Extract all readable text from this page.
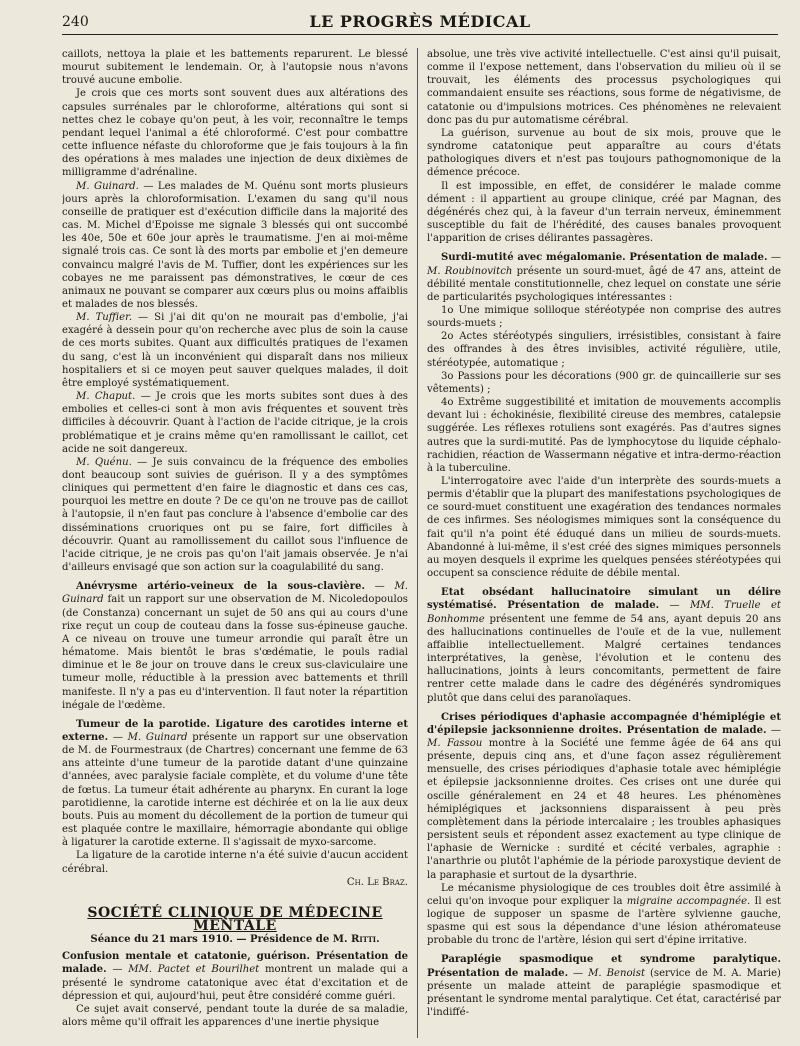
240	LE PROGRÈS MÉDICAL

caillots, nettoya la plaie et les battements reparurent. Le blessé mourut subitement le lendemain. Or, à l'autopsie nous n'avons trouvé aucune embolie.

Je crois que ces morts sont souvent dues aux altérations des capsules surrénales par le chloroforme, altérations qui sont si nettes chez le cobaye qu'on peut, à les voir, reconnaître le temps pendant lequel l'animal a été chloroformé. C'est pour combattre cette influence néfaste du chloroforme que je fais toujours à la fin des opérations à mes malades une injection de deux dixièmes de milligramme d'adrénaline.

M. Guinard. — Les malades de M. Quénu sont morts plusieurs jours après la chloroformisation. L'examen du sang qu'il nous conseille de pratiquer est d'exécution difficile dans la majorité des cas. M. Michel d'Epoisse me signale 3 blessés qui ont succombé les 40e, 50e et 60e jour après le traumatisme. J'en ai moi-même signalé trois cas. Ce sont là des morts par embolie et j'en demeure convaincu malgré l'avis de M. Tuffier, dont les expériences sur les cobayes ne me paraissent pas démonstratives, le cœur de ces animaux ne pouvant se comparer aux cœurs plus ou moins affaiblis et malades de nos blessés.

M. Tuffier. — Si j'ai dit qu'on ne mourait pas d'embolie, j'ai exagéré à dessein pour qu'on recherche avec plus de soin la cause de ces morts subites. Quant aux difficultés pratiques de l'examen du sang, c'est là un inconvénient qui disparaît dans nos milieux hospitaliers et si ce moyen peut sauver quelques malades, il doit être employé systématiquement.

M. Chaput. — Je crois que les morts subites sont dues à des embolies et celles-ci sont à mon avis fréquentes et souvent très difficiles à découvrir. Quant à l'action de l'acide citrique, je la crois problématique et je crains même qu'en ramollissant le caillot, cet acide ne soit dangereux.

M. Quénu. — Je suis convaincu de la fréquence des embolies dont beaucoup sont suivies de guérison. Il y a des symptômes cliniques qui permettent d'en faire le diagnostic et dans ces cas, pourquoi les mettre en doute ? De ce qu'on ne trouve pas de caillot à l'autopsie, il n'en faut pas conclure à l'absence d'embolie car des disséminations cruoriques ont pu se faire, fort difficiles à découvrir. Quant au ramollissement du caillot sous l'influence de l'acide citrique, je ne crois pas qu'on l'ait jamais observée. Je n'ai d'ailleurs envisagé que son action sur la coagulabilité du sang.

Anévrysme artério-veineux de la sous-clavière. — M. Guinard fait un rapport sur une observation de M. Nicoledopoulos (de Constanza) concernant un sujet de 50 ans qui au cours d'une rixe reçut un coup de couteau dans la fosse sus-épineuse gauche. A ce niveau on trouve une tumeur arrondie qui paraît être un hématome. Mais bientôt le bras s'œdématie, le pouls radial diminue et le 8e jour on trouve dans le creux sus-claviculaire une tumeur molle, réductible à la pression avec battements et thrill manifeste. Il n'y a pas eu d'intervention. Il faut noter la répartition inégale de l'œdème.

Tumeur de la parotide. Ligature des carotides interne et externe. — M. Guinard présente un rapport sur une observation de M. de Fourmestraux (de Chartres) concernant une femme de 63 ans atteinte d'une tumeur de la parotide datant d'une quinzaine d'années, avec paralysie faciale complète, et du volume d'une tête de fœtus. La tumeur était adhérente au pharynx. En curant la loge parotidienne, la carotide interne est déchirée et on la lie aux deux bouts. Puis au moment du décollement de la portion de tumeur qui est plaquée contre le maxillaire, hémorragie abondante qui oblige à ligaturer la carotide externe. Il s'agissait de myxo-sarcome.

La ligature de la carotide interne n'a été suivie d'aucun accident cérébral.

Ch. Le Braz.

SOCIÉTÉ CLINIQUE DE MÉDECINE MENTALE
Séance du 21 mars 1910. — Présidence de M. Ritti.

Confusion mentale et catatonie, guérison. Présentation de malade. — MM. Pactet et Bourilhet montrent un malade qui a présenté le syndrome catatonique avec état d'excitation et de dépression et qui, aujourd'hui, peut être considéré comme guéri.

Ce sujet avait conservé, pendant toute la durée de sa maladie, alors même qu'il offrait les apparences d'une inertie physique

absolue, une très vive activité intellectuelle. C'est ainsi qu'il puisait, comme il l'expose nettement, dans l'observation du milieu où il se trouvait, les éléments des processus psychologiques qui commandaient ensuite ses réactions, sous forme de négativisme, de catatonie ou d'impulsions motrices. Ces phénomènes ne relevaient donc pas du pur automatisme cérébral.

La guérison, survenue au bout de six mois, prouve que le syndrome catatonique peut apparaître au cours d'états pathologiques divers et n'est pas toujours pathognomonique de la démence précoce.

Il est impossible, en effet, de considérer le malade comme dément : il appartient au groupe clinique, créé par Magnan, des dégénérés chez qui, à la faveur d'un terrain nerveux, éminemment susceptible du fait de l'hérédité, des causes banales provoquent l'apparition de crises délirantes passagères.

Surdi-mutité avec mégalomanie. Présentation de malade. — M. Roubinovitch présente un sourd-muet, âgé de 47 ans, atteint de débilité mentale constitutionnelle, chez lequel on constate une série de particularités psychologiques intéressantes :

1o Une mimique soliloque stéréotypée non comprise des autres sourds-muets ;

2o Actes stéréotypés singuliers, irrésistibles, consistant à faire des offrandes à des êtres invisibles, activité régulière, utile, stéréotypée, automatique ;

3o Passions pour les décorations (900 gr. de quincaillerie sur ses vêtements) ;

4o Extrême suggestibilité et imitation de mouvements accomplis devant lui : échokinésie, flexibilité cireuse des membres, catalepsie suggérée. Les réflexes rotuliens sont exagérés. Pas d'autres signes autres que la surdi-mutité. Pas de lymphocytose du liquide céphalo-rachidien, réaction de Wassermann négative et intra-dermo-réaction à la tuberculine.

L'interrogatoire avec l'aide d'un interprète des sourds-muets a permis d'établir que la plupart des manifestations psychologiques de ce sourd-muet constituent une exagération des tendances normales de ces infirmes. Ses néologismes mimiques sont la conséquence du fait qu'il n'a point été éduqué dans un milieu de sourds-muets. Abandonné à lui-même, il s'est créé des signes mimiques personnels au moyen desquels il exprime les quelques pensées stéréotypées qui occupent sa conscience réduite de débile mental.

Etat obsédant hallucinatoire simulant un délire systématisé. Présentation de malade. — MM. Truelle et Bonhomme présentent une femme de 54 ans, ayant depuis 20 ans des hallucinations continuelles de l'ouïe et de la vue, nullement affaiblie intellectuellement. Malgré certaines tendances interprétatives, la genèse, l'évolution et le contenu des hallucinations, joints à leurs concomitants, permettent de faire rentrer cette malade dans le cadre des dégénérés syndromiques plutôt que dans celui des paranoïaques.

Crises périodiques d'aphasie accompagnée d'hémiplégie et d'épilepsie jacksonnienne droites. Présentation de malade. — M. Fassou montre à la Société une femme âgée de 64 ans qui présente, depuis cinq ans, et d'une façon assez régulièrement mensuelle, des crises périodiques d'aphasie totale avec hémiplégie et épilepsie jacksonnienne droites. Ces crises ont une durée qui oscille généralement en 24 et 48 heures. Les phénomènes hémiplégiques et jacksonniens disparaissent à peu près complètement dans la période intercalaire ; les troubles aphasiques persistent seuls et répondent assez exactement au type clinique de l'aphasie de Wernicke : surdité et cécité verbales, agraphie : l'anarthrie ou plutôt l'aphémie de la période paroxystique devient de la paraphasie et surtout de la dysarthrie.

Le mécanisme physiologique de ces troubles doit être assimilé à celui qu'on invoque pour expliquer la migraine accompagnée. Il est logique de supposer un spasme de l'artère sylvienne gauche, spasme qui est sous la dépendance d'une lésion athéromateuse probable du tronc de l'artère, lésion qui sert d'épine irritative.

Paraplégie spasmodique et syndrome paralytique. Présentation de malade. — M. Benoist (service de M. A. Marie) présente un malade atteint de paraplégie spasmodique et présentant le syndrome mental paralytique. Cet état, caractérisé par l'indiffé-
